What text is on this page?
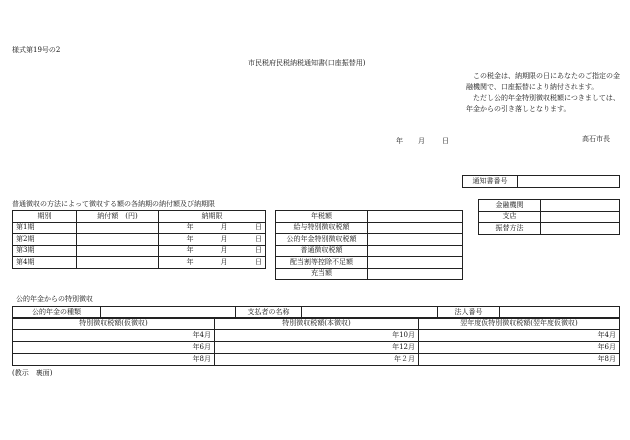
様式第19号の2
市民税府民税納税通知書(口座振替用)

この税金は、納期限の日にあなたのご指定の金融機関で、口座振替により納付されます。

ただし公的年金特別徴収税額につきましては、年金からの引き落しとなります。

年 月 日	高石市長
通知書番号	
普通徴収の方法によって徴収する額の各納期の納付額及び納期限
期別	納付額　(円)	納期限		
第1期		年	月	日
第2期		年	月	日
第3期		年	月	日
第4期		年	月	日
年税額	
給与特別徴収税額	
公的年金特別徴収税額	
普通徴収税額	
配当割等控除不足額	
充当額	
金融機関	
支店	
振替方法	
公的年金からの特別徴収
公的年金の種類		支払者の名称		法人番号	
特別徴収税額(仮徴収)	特別徴収税額(本徴収)	翌年度仮特別徴収税額(翌年度仮徴収)
年4月	年10月	年4月
年6月	年12月	年6月
年8月	年２月	年8月
(教示　裏面)
